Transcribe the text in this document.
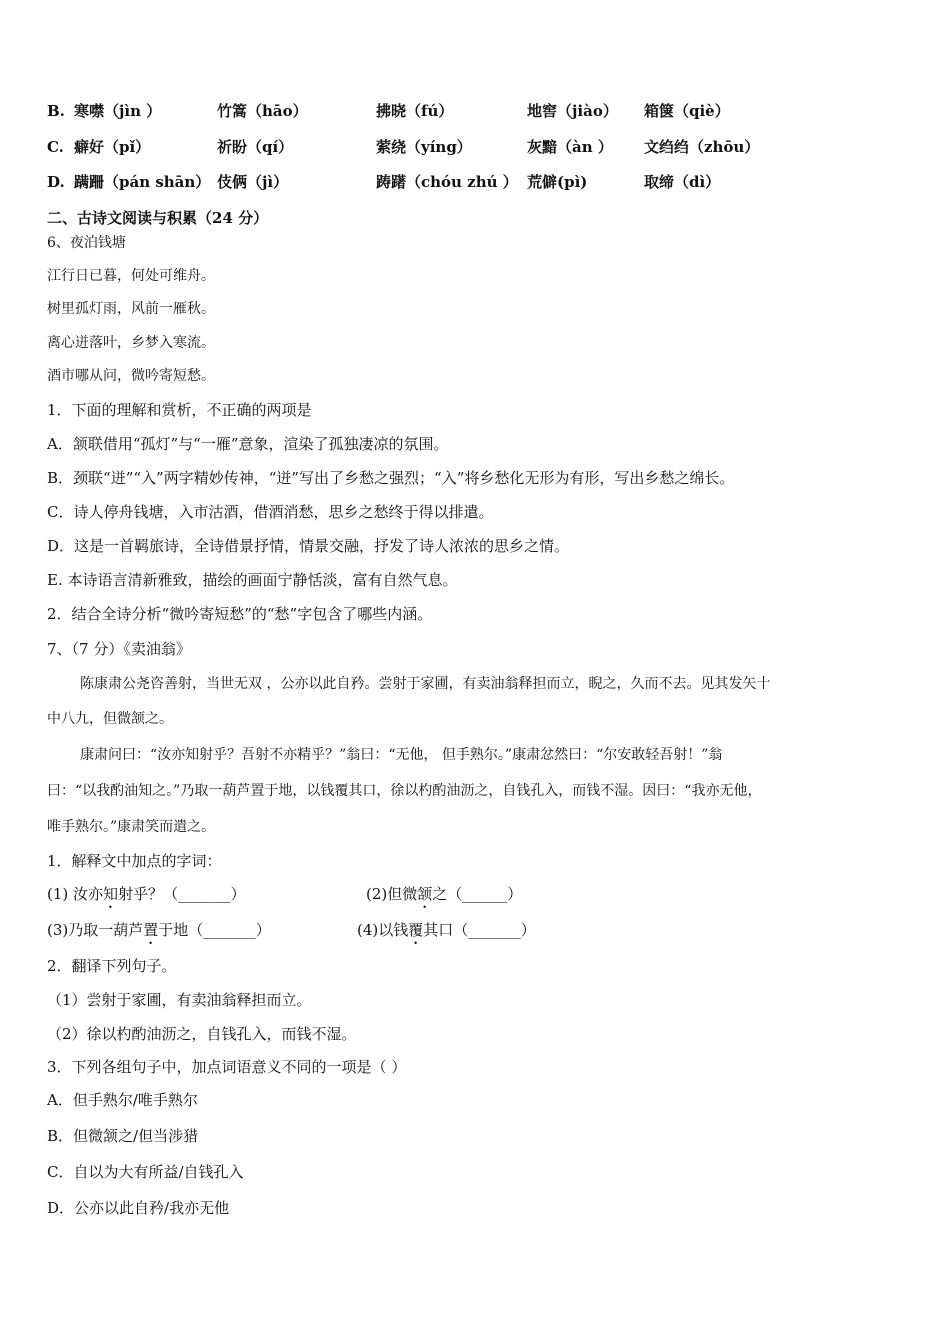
B. 寒噤（jìn ）	竹篙（hāo）	拂晓（fú）	地窖（jiào） 箱箧（qiè）
C. 癖好（pǐ）	祈盼（qí）	萦绕（yíng）	灰黯（àn ） 文绉绉（zhōu）
D. 蹒跚（pán shān） 伎俩（jì）	踌躇（chóu zhú ） 荒僻(pì)	取缔（dì）
二、古诗文阅读与积累（24 分）
6、夜泊钱塘
江行日已暮，何处可维舟。
树里孤灯雨，风前一雁秋。
离心迸落叶，乡梦入寒流。
酒市哪从问，微吟寄短愁。
1．下面的理解和赏析，不正确的两项是
A．颔联借用“孤灯”与“一雁”意象，渲染了孤独凄凉的氛围。
B．颈联“迸”“入”两字精妙传神，“迸”写出了乡愁之强烈；“入”将乡愁化无形为有形，写出乡愁之绵长。
C．诗人停舟钱塘，入市沽酒，借酒消愁，思乡之愁终于得以排遣。
D．这是一首羁旅诗，全诗借景抒情，情景交融，抒发了诗人浓浓的思乡之情。
E. 本诗语言清新雅致，描绘的画面宁静恬淡，富有自然气息。
2．结合全诗分析“微吟寄短愁”的“愁”字包含了哪些内涵。
7、（7 分）《卖油翁》
陈康肃公尧咨善射，当世无双 ，公亦以此自矜。尝射于家圃，有卖油翁释担而立，睨之，久而不去。见其发矢十
中八九，但微颔之。
康肃问曰：“汝亦知射乎？吾射不亦精乎？”翁曰：“无他， 但手熟尔。”康肃忿然曰：“尔安敢轻吾射！”翁
曰：“以我酌油知之。”乃取一葫芦置于地，以钱覆其口，徐以杓酌油沥之，自钱孔入，而钱不湿。因曰：“我亦无他，
唯手熟尔。”康肃笑而遣之。
1．解释文中加点的字词：
(1) 汝亦知射乎？（_______）	(2)但微颔之（______）
(3)乃取一葫芦置于地（_______）	(4)以钱覆其口（_______）
2．翻译下列句子。
（1）尝射于家圃，有卖油翁释担而立。
（2）徐以杓酌油沥之，自钱孔入，而钱不湿。
3．下列各组句子中，加点词语意义不同的一项是（ ）
A．但手熟尔/唯手熟尔
B．但微颔之/但当涉猎
C．自以为大有所益/自钱孔入
D．公亦以此自矜/我亦无他
